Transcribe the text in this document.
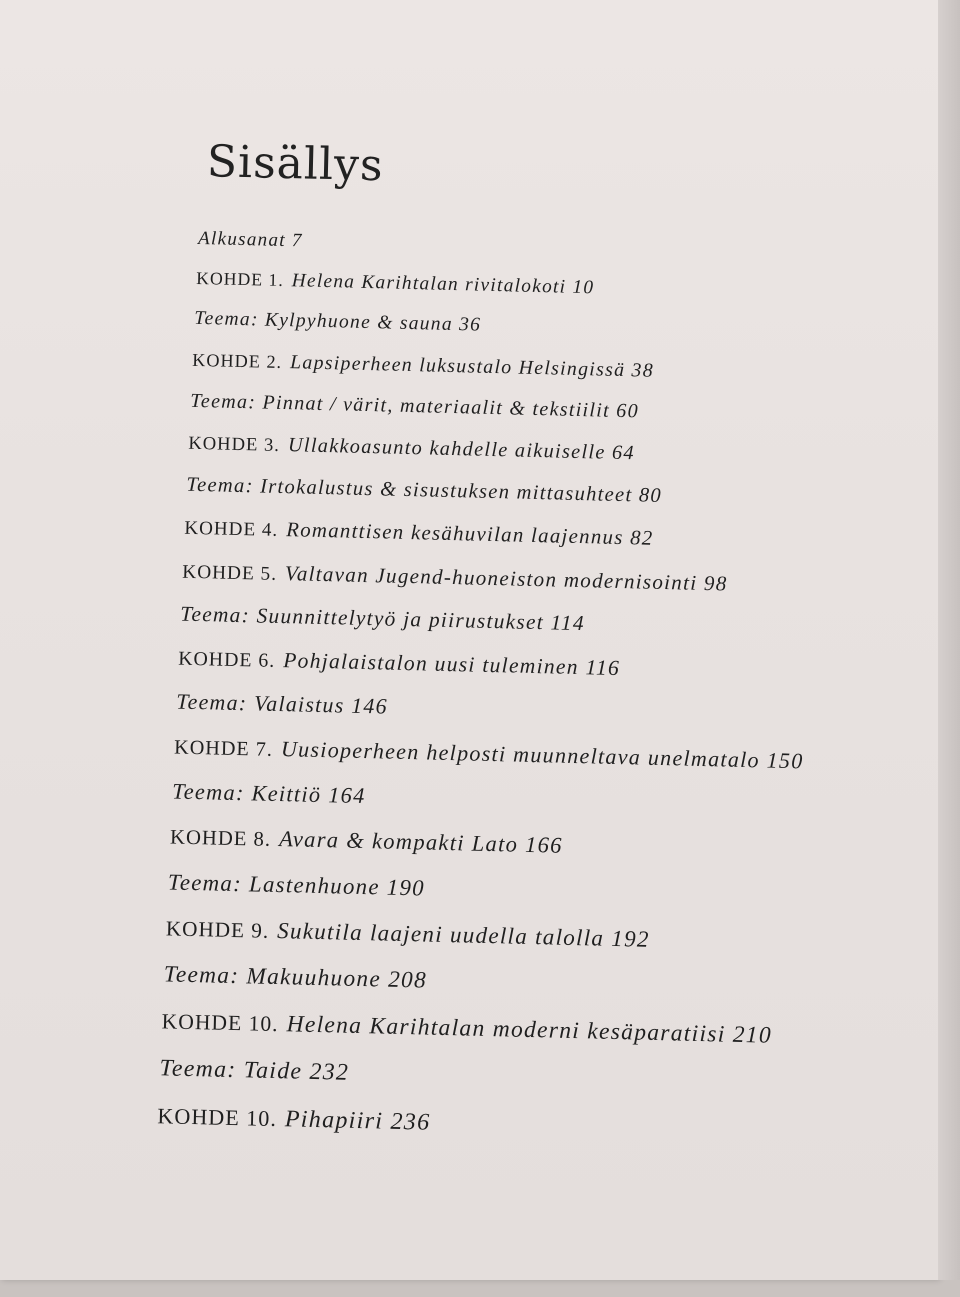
Sisällys
Alkusanat 7
KOHDE 1. Helena Karihtalan rivitalokoti 10
Teema: Kylpyhuone & sauna 36
KOHDE 2. Lapsiperheen luksustalo Helsingissä 38
Teema: Pinnat / värit, materiaalit & tekstiilit 60
KOHDE 3. Ullakkoasunto kahdelle aikuiselle 64
Teema: Irtokalustus & sisustuksen mittasuhteet 80
KOHDE 4. Romanttisen kesähuvilan laajennus 82
KOHDE 5. Valtavan Jugend-huoneiston modernisointi 98
Teema: Suunnittelytyö ja piirustukset 114
KOHDE 6. Pohjalaistalon uusi tuleminen 116
Teema: Valaistus 146
KOHDE 7. Uusioperheen helposti muunneltava unelmatalo 150
Teema: Keittiö 164
KOHDE 8. Avara & kompakti Lato 166
Teema: Lastenhuone 190
KOHDE 9. Sukutila laajeni uudella talolla 192
Teema: Makuuhuone 208
KOHDE 10. Helena Karihtalan moderni kesäparatiisi 210
Teema: Taide 232
KOHDE 10. Pihapiiri 236
